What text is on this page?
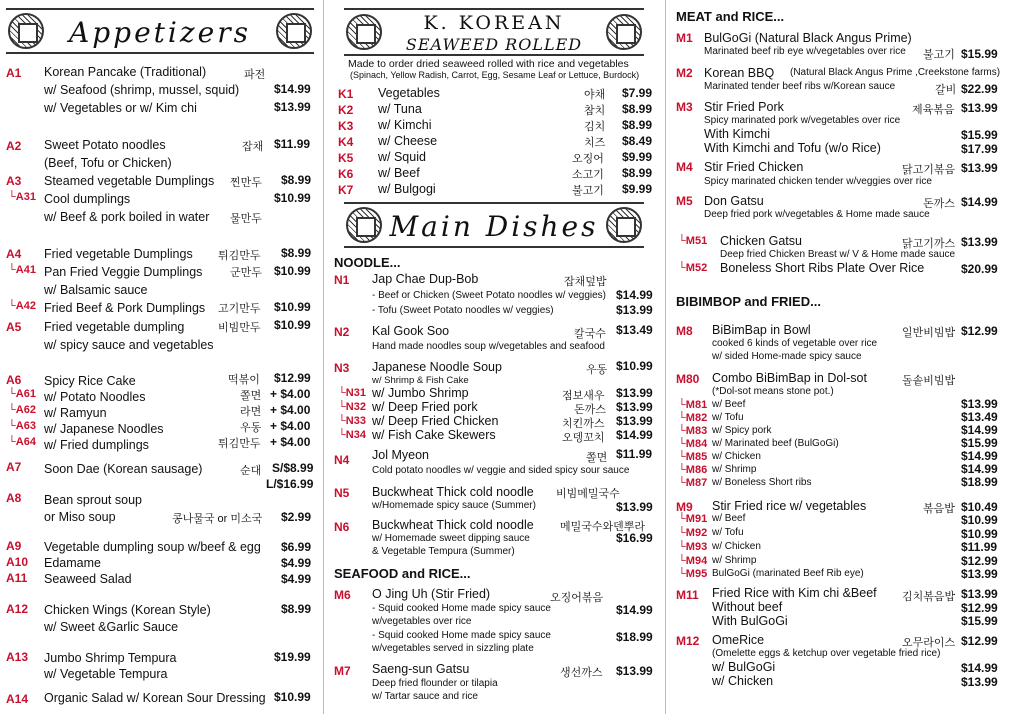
Appetizers
A1 Korean Pancake (Traditional)	파전
w/ Seafood (shrimp, mussel, squid)	$14.99
w/ Vegetables or w/ Kim chi	$13.99
A2 Sweet Potato noodles	잡채 $11.99
(Beef, Tofu or Chicken)
A3 Steamed vegetable Dumplings 찐만두 $8.99
└A31 Cool dumplings	$10.99
w/ Beef & pork boiled in water 물만두
A4 Fried vegetable Dumplings 튀김만두 $8.99
└A41 Pan Fried Veggie Dumplings	군만두 $10.99
w/ Balsamic sauce
└A42 Fried Beef & Pork Dumplings 고기만두 $10.99
A5 Fried vegetable dumpling	비빔만두 $10.99
w/ spicy sauce and vegetables
A6 Spicy Rice Cake	떡볶이 $12.99
└A61 w/ Potato Noodles	쫄면 + $4.00
└A62 w/ Ramyun	라면 + $4.00
└A63 w/ Japanese Noodles	우동 + $4.00
└A64 w/ Fried dumplings	튀김만두 + $4.00
A7 Soon Dae (Korean sausage)	순대 S/$8.99
L/$16.99
A8 Bean sprout soup
or Miso soup	콩나물국 or 미소국 $2.99
A9 Vegetable dumpling soup w/beef & egg $6.99
A10 Edamame	$4.99
A11 Seaweed Salad	$4.99
A12 Chicken Wings (Korean Style)	$8.99
w/ Sweet &Garlic Sauce
A13 Jumbo Shrimp Tempura	$19.99
w/ Vegetable Tempura
A14 Organic Salad w/ Korean Sour Dressing $10.99
K. KOREAN
SEAWEED ROLLED
Made to order dried seaweed rolled with rice and vegetables
(Spinach, Yellow Radish, Carrot, Egg, Sesame Leaf or Lettuce, Burdock)
K1 Vegetables	야채 $7.99
K2 w/ Tuna	참치 $8.99
K3 w/ Kimchi	김치 $8.99
K4 w/ Cheese	치즈 $8.49
K5 w/ Squid	오징어 $9.99
K6 w/ Beef	소고기 $8.99
K7 w/ Bulgogi	불고기 $9.99
Main Dishes
NOODLE...
N1 Jap Chae Dup-Bob	잡채덮밥
- Beef or Chicken (Sweet Potato noodles w/ veggies) $14.99
- Tofu (Sweet Potato noodles w/ veggies)	$13.99
N2 Kal Gook Soo	칼국수 $13.49
Hand made noodles soup w/vegetables and seafood
N3 Japanese Noodle Soup	우동 $10.99
w/ Shrimp & Fish Cake
└N31 w/ Jumbo Shrimp	점보새우 $13.99
└N32 w/ Deep Fried pork	돈까스 $13.99
└N33 w/ Deep Fried Chicken	치킨까스 $13.99
└N34 w/ Fish Cake Skewers	오뎅꼬치 $14.99
N4 Jol Myeon	쫄면 $11.99
Cold potato noodles w/ veggie and sided spicy sour sauce
N5 Buckwheat Thick cold noodle 비빔메밀국수
w/Homemade spicy sauce (Summer)	$13.99
N6 Buckwheat Thick cold noodle 메밀국수와덴뿌라
w/ Homemade sweet dipping sauce	$16.99
& Vegetable Tempura (Summer)
SEAFOOD and RICE...
M6 O Jing Uh (Stir Fried)	오징어볶음
- Squid cooked Home made spicy sauce	$14.99
w/vegetables over rice
- Squid cooked Home made spicy sauce	$18.99
w/vegetables served in sizzling plate
M7 Saeng-sun Gatsu	생선까스 $13.99
Deep fried flounder or tilapia
w/ Tartar sauce and rice
MEAT and RICE...
M1 BulGoGi (Natural Black Angus Prime)
Marinated beef rib eye w/vegetables over rice 불고기 $15.99
M2 Korean BBQ (Natural Black Angus Prime ,Creekstone farms)
Marinated tender beef ribs w/Korean sauce	갈비 $22.99
M3 Stir Fried Pork	제육볶음 $13.99
Spicy marinated pork w/vegetables over rice
With Kimchi	$15.99
With Kimchi and Tofu (w/o Rice)	$17.99
M4 Stir Fried Chicken	닭고기볶음 $13.99
Spicy marinated chicken tender w/veggies over rice
M5 Don Gatsu	돈까스 $14.99
Deep fried pork w/vegetables & Home made sauce
└M51 Chicken Gatsu	닭고기까스 $13.99
Deep fried Chicken Breast w/ V & Home made sauce
└M52 Boneless Short Ribs Plate Over Rice	$20.99
BIBIMBOP and FRIED...
M8 BiBimBap in Bowl	일반비빔밥 $12.99
cooked 6 kinds of vegetable over rice
w/ sided Home-made spicy sauce
M80 Combo BiBimBap in Dol-sot	돌솥비빔밥
(*Dol-sot means stone pot.)
└M81 w/ Beef	$13.99
└M82 w/ Tofu	$13.49
└M83 w/ Spicy pork	$14.99
└M84 w/ Marinated beef (BulGoGi)	$15.99
└M85 w/ Chicken	$14.99
└M86 w/ Shrimp	$14.99
└M87 w/ Boneless Short ribs	$18.99
M9 Stir Fried rice w/ vegetables	볶음밥 $10.49
└M91 w/ Beef	$10.99
└M92 w/ Tofu	$10.99
└M93 w/ Chicken	$11.99
└M94 w/ Shrimp	$12.99
└M95 BulGoGi (marinated Beef Rib eye)	$13.99
M11 Fried Rice with Kim chi &Beef 김치볶음밥 $13.99
Without beef	$12.99
With BulGoGi	$15.99
M12 OmeRice	오무라이스 $12.99
(Omelette eggs & ketchup over vegetable fried rice)
w/ BulGoGi	$14.99
w/ Chicken	$13.99
